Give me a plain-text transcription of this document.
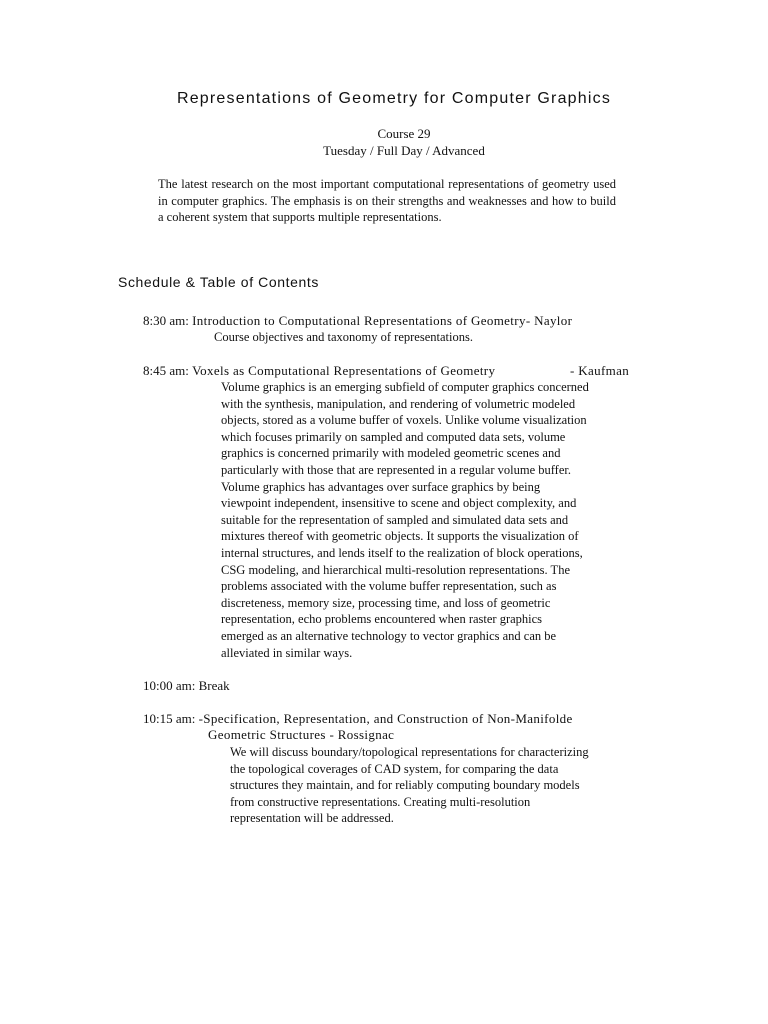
Representations of Geometry for Computer Graphics
Course 29
Tuesday / Full Day / Advanced

The latest research on the most important computational representations of geometry used in computer graphics. The emphasis is on their strengths and weaknesses and how to build a coherent system that supports multiple representations.

Schedule & Table of Contents
8:30 am: Introduction to Computational Representations of Geometry- Naylor
Course objectives and taxonomy of representations.
8:45 am: Voxels as Computational Representations of Geometry	- Kaufman
Volume graphics is an emerging subfield of computer graphics concerned
with the synthesis, manipulation, and rendering of volumetric modeled
objects, stored as a volume buffer of voxels. Unlike volume visualization
which focuses primarily on sampled and computed data sets, volume
graphics is concerned primarily with modeled geometric scenes and
particularly with those that are represented in a regular volume buffer.
Volume graphics has advantages over surface graphics by being
viewpoint independent, insensitive to scene and object complexity, and
suitable for the representation of sampled and simulated data sets and
mixtures thereof with geometric objects. It supports the visualization of
internal structures, and lends itself to the realization of block operations,
CSG modeling, and hierarchical multi-resolution representations. The
problems associated with the volume buffer representation, such as
discreteness, memory size, processing time, and loss of geometric
representation, echo problems encountered when raster graphics
emerged as an alternative technology to vector graphics and can be
alleviated in similar ways.
10:00 am: Break
10:15 am: -Specification, Representation, and Construction of Non-Manifolde
Geometric Structures - Rossignac
We will discuss boundary/topological representations for characterizing
the topological coverages of CAD system, for comparing the data
structures they maintain, and for reliably computing boundary models
from constructive representations. Creating multi-resolution
representation will be addressed.
